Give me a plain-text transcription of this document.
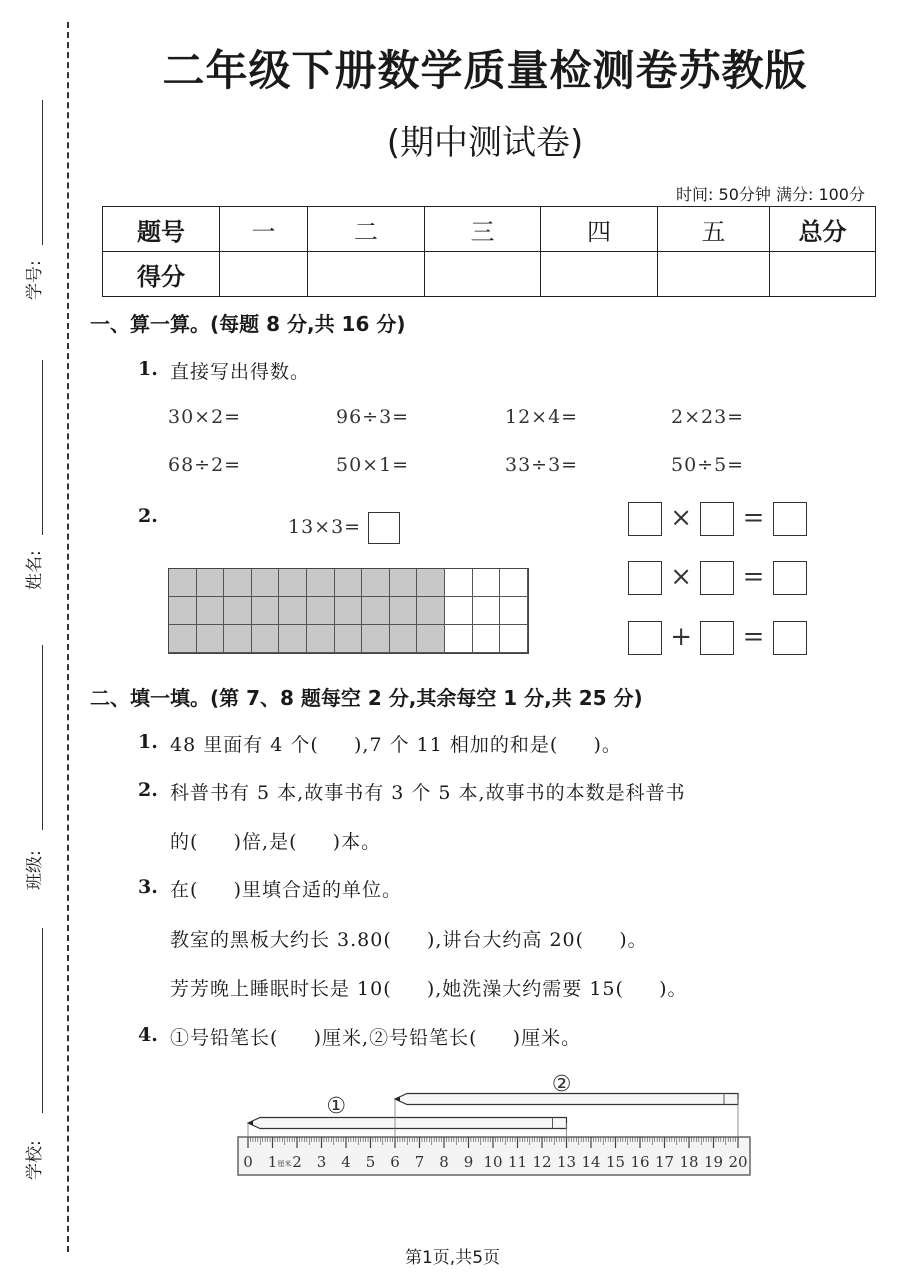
学号:
姓名:
班级:
学校:
二年级下册数学质量检测卷苏教版
(期中测试卷)
时间: 50分钟 满分: 100分
题号	一	二	三	四	五	总分
得分						
一、算一算。(每题 8 分,共 16 分)
1. 直接写出得数。
30×2=	96÷3=	12×4=	2×23=
68÷2=	50×1=	33÷3=	50÷5=
2.	13×3=	× =
× =
+ =
二、填一填。(第 7、8 题每空 2 分,其余每空 1 分,共 25 分)
1. 48 里面有 4 个(     ),7 个 11 相加的和是(     )。
2. 科普书有 5 本,故事书有 3 个 5 本,故事书的本数是科普书
的(     )倍,是(     )本。
3. 在(     )里填合适的单位。
教室的黑板大约长 3.80(     ),讲台大约高 20(     )。
芳芳晚上睡眠时长是 10(     ),她洗澡大约需要 15(     )。
4. ①号铅笔长(     )厘米,②号铅笔长(     )厘米。
0 1 2 3 4 5 6 7 8 9 10 11 12 13 14 15 16 17 18 19 20
①
②
厘米
第1页,共5页
